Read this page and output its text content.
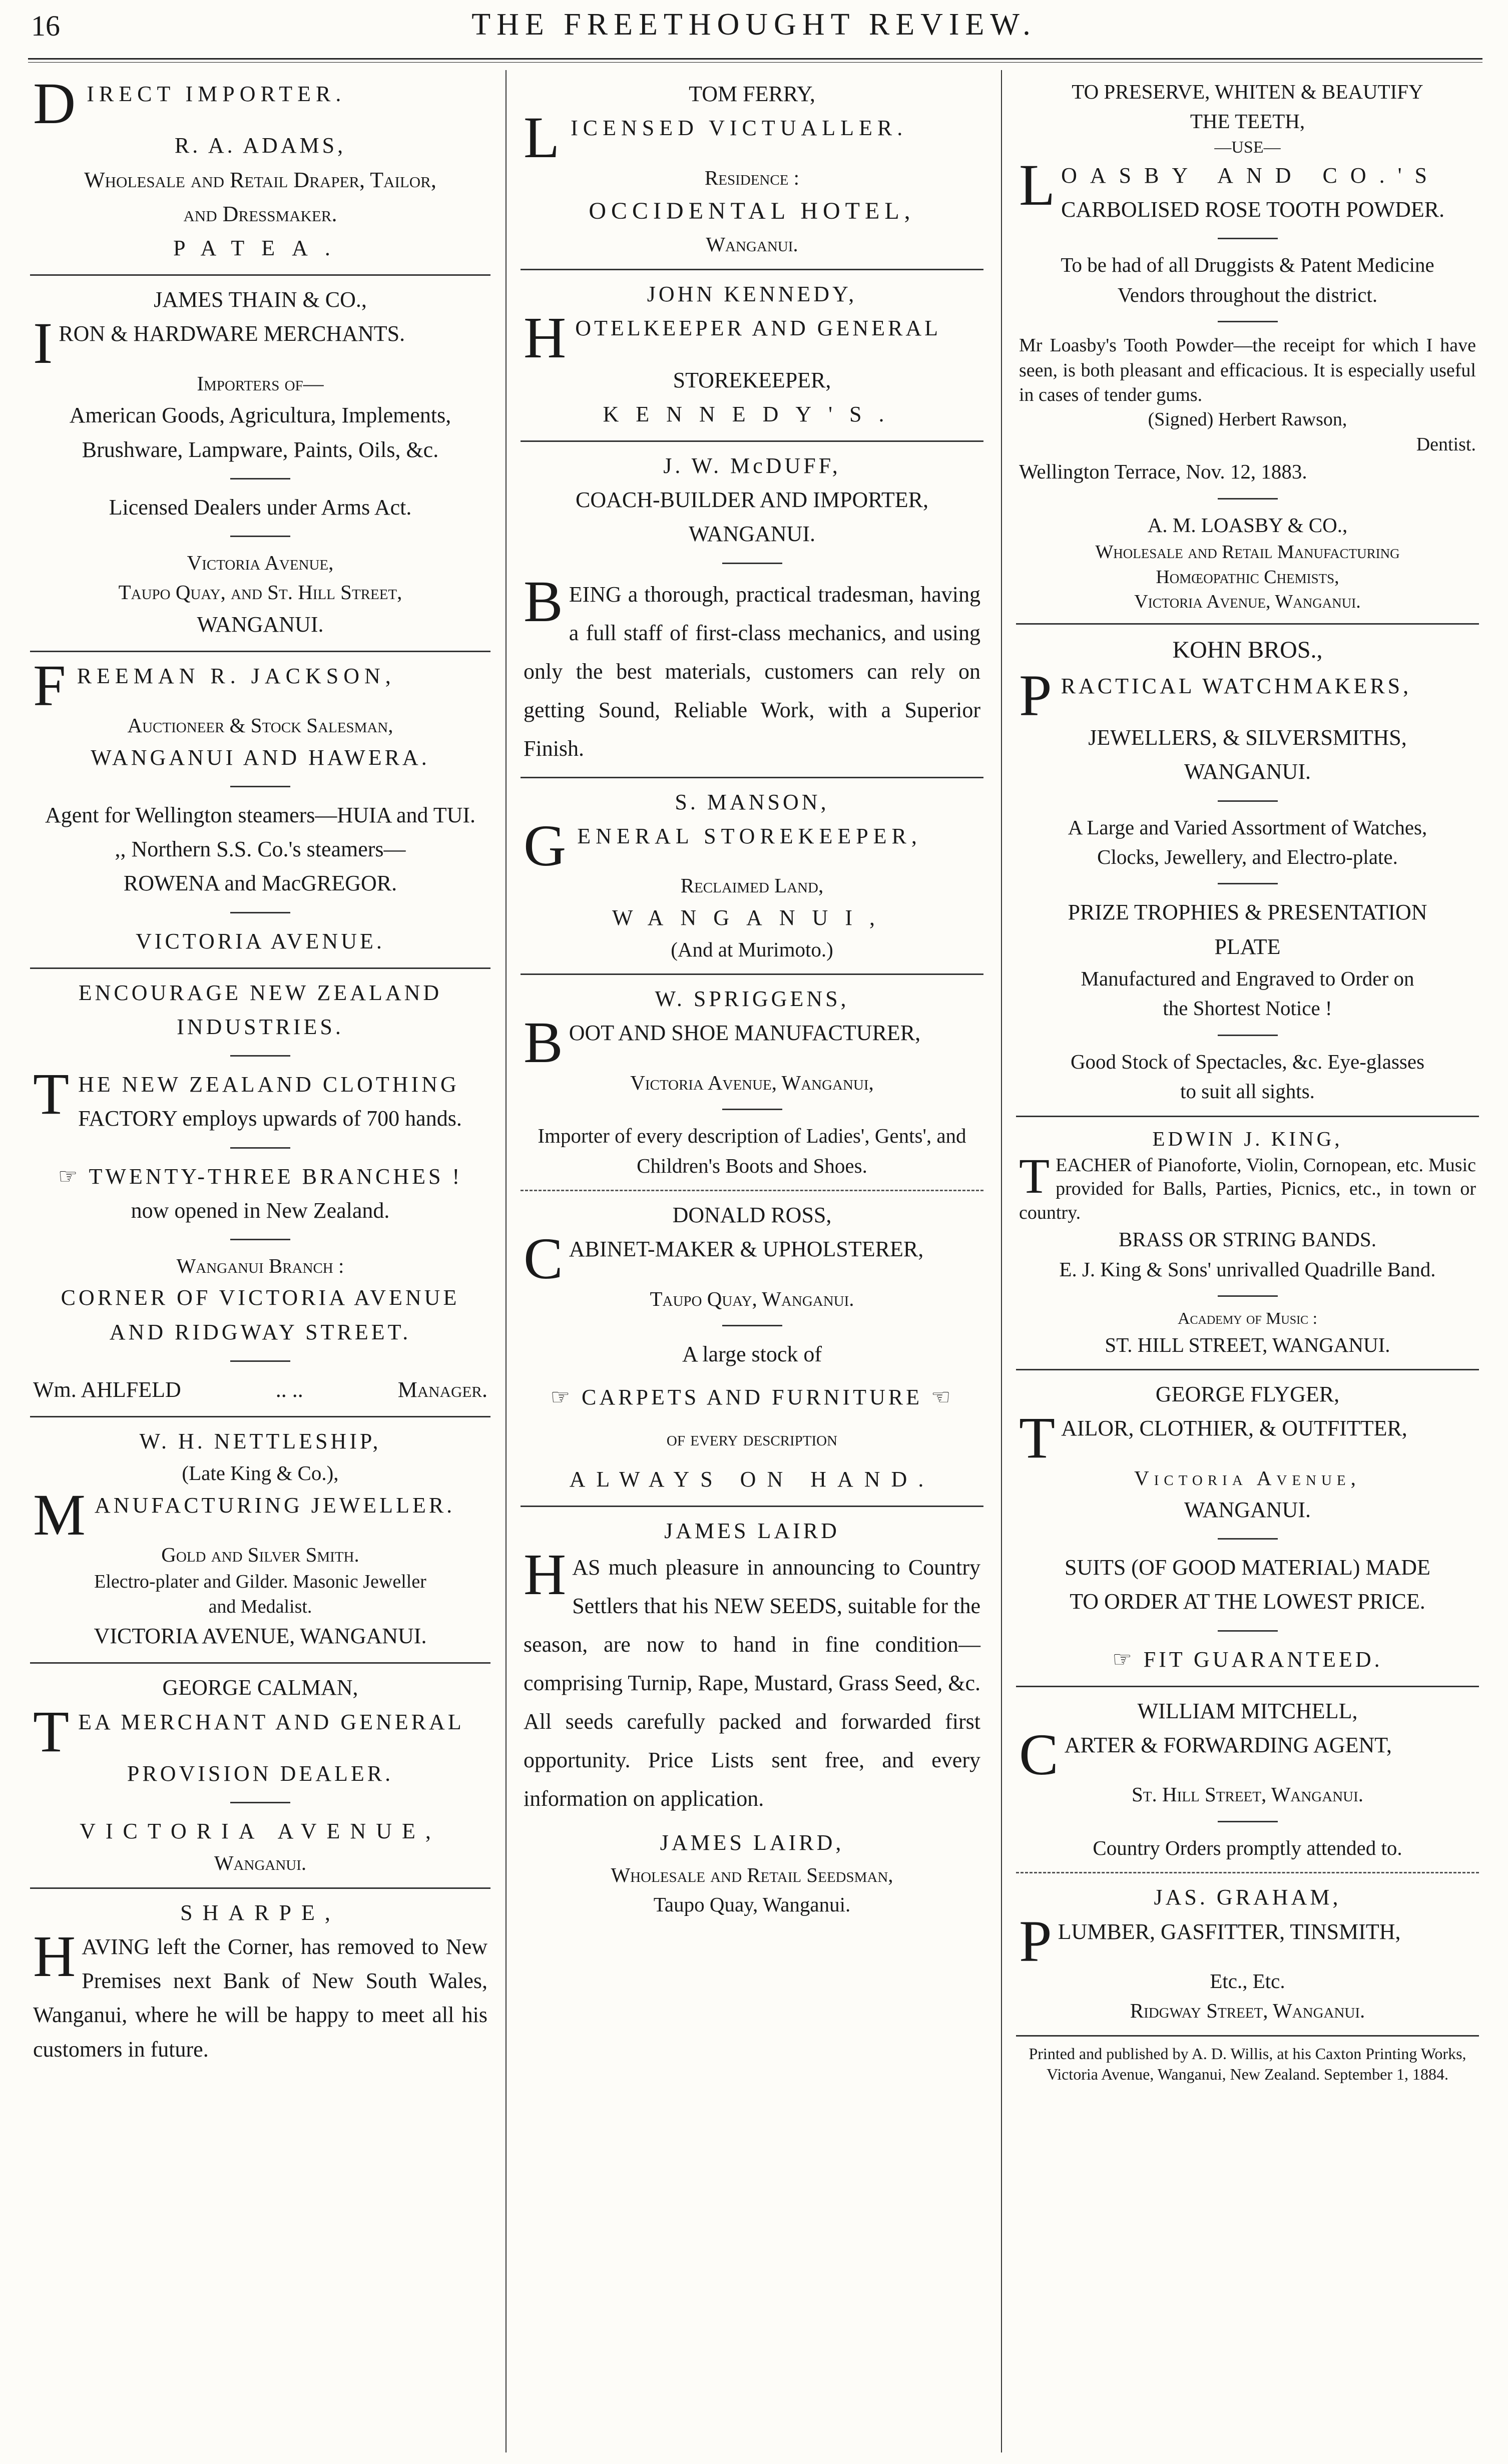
16	THE FREETHOUGHT REVIEW.
DIRECT IMPORTER.
R. A. ADAMS,
Wholesale and Retail Draper, Tailor,
and Dressmaker.
PATEA.
JAMES THAIN & CO.,
IRON & HARDWARE MERCHANTS.
Importers of—
American Goods, Agricultura, Implements,
Brushware, Lampware, Paints, Oils, &c.
Licensed Dealers under Arms Act.
Victoria Avenue,
Taupo Quay, and St. Hill Street,
WANGANUI.
FREEMAN R. JACKSON,
Auctioneer & Stock Salesman,
WANGANUI AND HAWERA.
Agent for Wellington steamers—HUIA and TUI.
,, Northern S.S. Co.'s steamers—
ROWENA and MacGREGOR.
VICTORIA AVENUE.
ENCOURAGE NEW ZEALAND
INDUSTRIES.
THE NEW ZEALAND CLOTHING
FACTORY employs upwards of 700 hands.
☞ TWENTY-THREE BRANCHES !
now opened in New Zealand.
Wanganui Branch :
CORNER OF VICTORIA AVENUE
AND RIDGWAY STREET.
Wm. AHLFELD	.. ..	Manager.
W. H. NETTLESHIP,
(Late King & Co.),
MANUFACTURING JEWELLER.
Gold and Silver Smith.
Electro-plater and Gilder. Masonic Jeweller
and Medalist.
VICTORIA AVENUE, WANGANUI.
GEORGE CALMAN,
TEA MERCHANT AND GENERAL
PROVISION DEALER.
VICTORIA AVENUE,
Wanganui.
SHARPE,
HAVING left the Corner, has removed to New Premises next Bank of New South Wales, Wanganui, where he will be happy to meet all his customers in future.
TOM FERRY,
LICENSED VICTUALLER.
Residence :
OCCIDENTAL HOTEL,
Wanganui.
JOHN KENNEDY,
HOTELKEEPER AND GENERAL
STOREKEEPER,
KENNEDY'S.
J. W. McDUFF,
COACH-BUILDER AND IMPORTER,
WANGANUI.
BEING a thorough, practical tradesman, having a full staff of first-class mechanics, and using only the best materials, customers can rely on getting Sound, Reliable Work, with a Superior Finish.
S. MANSON,
GENERAL STOREKEEPER,
Reclaimed Land,
WANGANUI,
(And at Murimoto.)
W. SPRIGGENS,
BOOT AND SHOE MANUFACTURER,
Victoria Avenue, Wanganui,
Importer of every description of Ladies', Gents', and Children's Boots and Shoes.
DONALD ROSS,
CABINET-MAKER & UPHOLSTERER,
Taupo Quay, Wanganui.
A large stock of
☞ CARPETS AND FURNITURE ☜
of every description
ALWAYS ON HAND.
JAMES LAIRD
HAS much pleasure in announcing to Country Settlers that his NEW SEEDS, suitable for the season, are now to hand in fine condition—comprising Turnip, Rape, Mustard, Grass Seed, &c. All seeds carefully packed and forwarded first opportunity. Price Lists sent free, and every information on application.
JAMES LAIRD,
Wholesale and Retail Seedsman,
Taupo Quay, Wanganui.
TO PRESERVE, WHITEN & BEAUTIFY
THE TEETH,
—USE—
LOASBY AND CO.'S
CARBOLISED ROSE TOOTH POWDER.
To be had of all Druggists & Patent Medicine
Vendors throughout the district.
Mr Loasby's Tooth Powder—the receipt for which I have seen, is both pleasant and efficacious. It is especially useful in cases of tender gums.
(Signed) Herbert Rawson,
Dentist.
Wellington Terrace, Nov. 12, 1883.
A. M. LOASBY & CO.,
Wholesale and Retail Manufacturing
Homœopathic Chemists,
Victoria Avenue, Wanganui.
KOHN BROS.,
PRACTICAL WATCHMAKERS,
JEWELLERS, & SILVERSMITHS,
WANGANUI.
A Large and Varied Assortment of Watches,
Clocks, Jewellery, and Electro-plate.
PRIZE TROPHIES & PRESENTATION
PLATE
Manufactured and Engraved to Order on
the Shortest Notice !
Good Stock of Spectacles, &c. Eye-glasses
to suit all sights.
EDWIN J. KING,
TEACHER of Pianoforte, Violin, Cornopean, etc. Music provided for Balls, Parties, Picnics, etc., in town or country.
BRASS OR STRING BANDS.
E. J. King & Sons' unrivalled Quadrille Band.
Academy of Music :
ST. HILL STREET, WANGANUI.
GEORGE FLYGER,
TAILOR, CLOTHIER, & OUTFITTER,
Victoria Avenue,
WANGANUI.
SUITS (OF GOOD MATERIAL) MADE
TO ORDER AT THE LOWEST PRICE.
☞ FIT GUARANTEED.
WILLIAM MITCHELL,
CARTER & FORWARDING AGENT,
St. Hill Street, Wanganui.
Country Orders promptly attended to.
JAS. GRAHAM,
PLUMBER, GASFITTER, TINSMITH,
Etc., Etc.
Ridgway Street, Wanganui.
Printed and published by A. D. Willis, at his Caxton Printing Works, Victoria Avenue, Wanganui, New Zealand. September 1, 1884.
